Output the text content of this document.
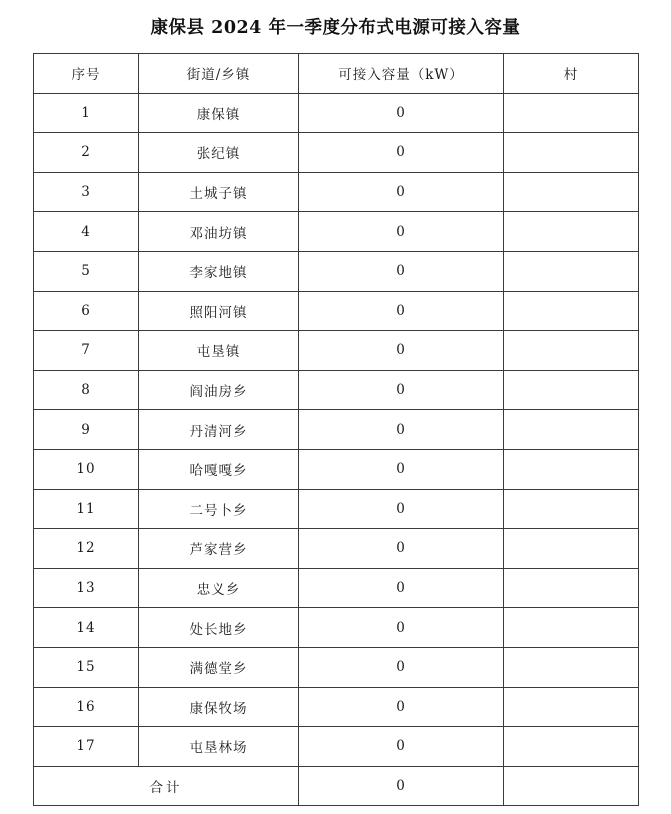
康保县 2024 年一季度分布式电源可接入容量
序号	街道/乡镇	可接入容量（kW）	村
1	康保镇	0	
2	张纪镇	0	
3	土城子镇	0	
4	邓油坊镇	0	
5	李家地镇	0	
6	照阳河镇	0	
7	屯垦镇	0	
8	阎油房乡	0	
9	丹清河乡	0	
10	哈嘎嘎乡	0	
11	二号卜乡	0	
12	芦家营乡	0	
13	忠义乡	0	
14	处长地乡	0	
15	满德堂乡	0	
16	康保牧场	0	
17	屯垦林场	0	
合计		0	
